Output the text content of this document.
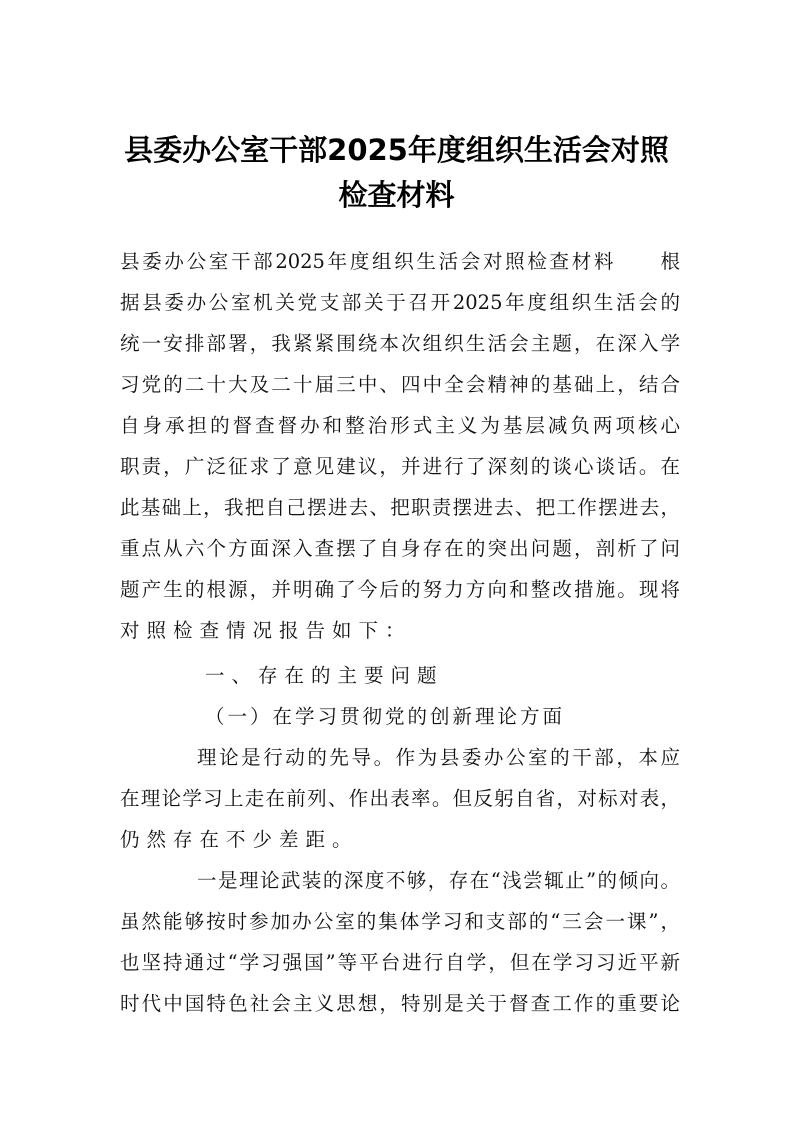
县委办公室干部2025年度组织生活会对照
检查材料
县委办公室干部2025年度组织生活会对照检查材料　　根
据县委办公室机关党支部关于召开2025年度组织生活会的
统一安排部署，我紧紧围绕本次组织生活会主题，在深入学
习党的二十大及二十届三中、四中全会精神的基础上，结合
自身承担的督查督办和整治形式主义为基层减负两项核心
职责，广泛征求了意见建议，并进行了深刻的谈心谈话。在
此基础上，我把自己摆进去、把职责摆进去、把工作摆进去，
重点从六个方面深入查摆了自身存在的突出问题，剖析了问
题产生的根源，并明确了今后的努力方向和整改措施。现将
对照检查情况报告如下：
一、存在的主要问题
（一）在学习贯彻党的创新理论方面
理论是行动的先导。作为县委办公室的干部，本应
在理论学习上走在前列、作出表率。但反躬自省，对标对表，
仍然存在不少差距。
一是理论武装的深度不够，存在“浅尝辄止”的倾向。
虽然能够按时参加办公室的集体学习和支部的“三会一课”，
也坚持通过“学习强国”等平台进行自学，但在学习习近平新
时代中国特色社会主义思想，特别是关于督查工作的重要论
